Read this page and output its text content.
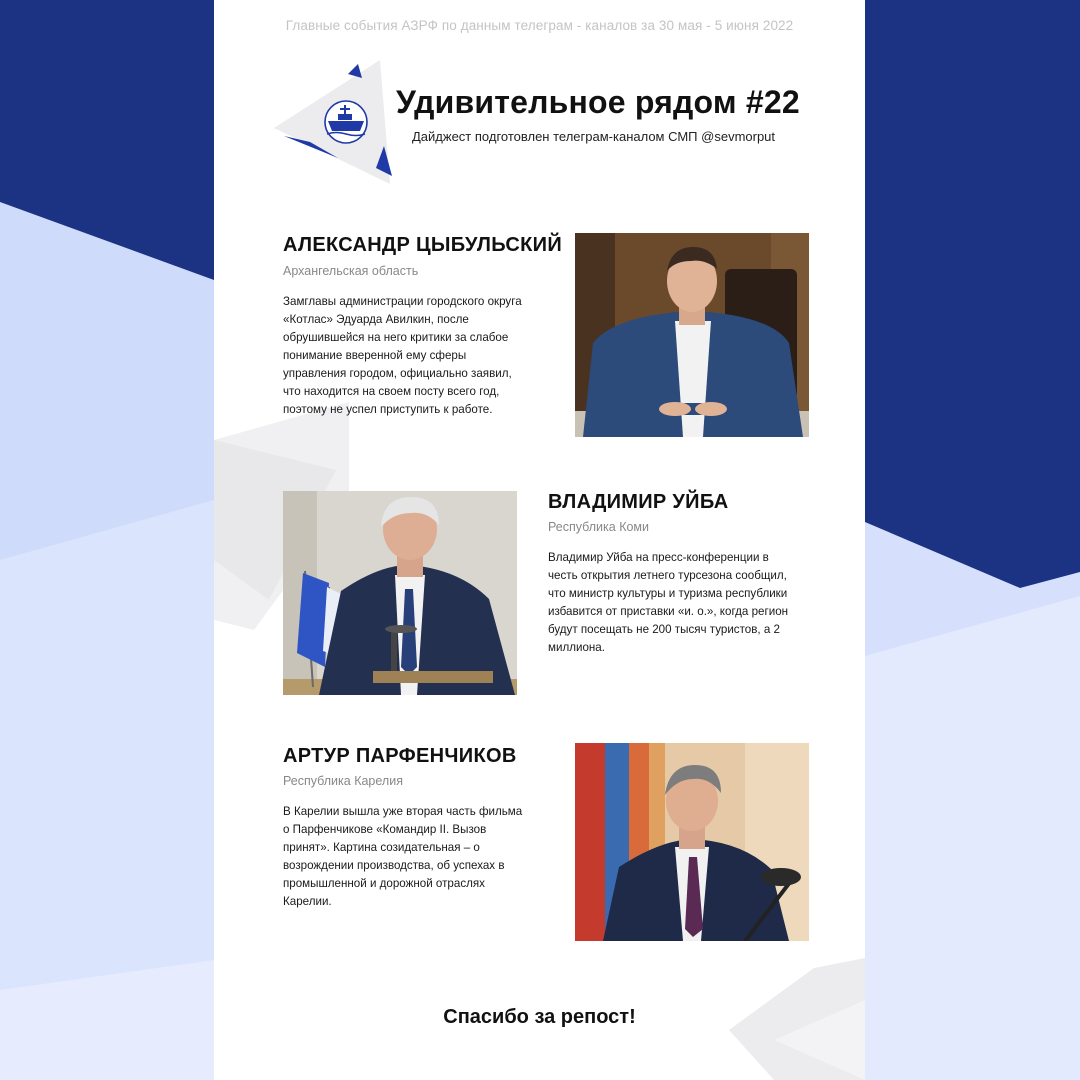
Главные события АЗРФ по данным телеграм - каналов за 30 мая - 5 июня 2022
Удивительное рядом #22
Дайджест подготовлен телеграм-каналом СМП @sevmorput
АЛЕКСАНДР ЦЫБУЛЬСКИЙ
Архангельская область

Замглавы администрации городского округа
«Котлас» Эдуарда Авилкин, после
обрушившейся на него критики за слабое
понимание вверенной ему сферы
управления городом, официально заявил,
что находится на своем посту всего год,
поэтому не успел приступить к работе.

ВЛАДИМИР УЙБА
Республика Коми

Владимир Уйба на пресс-конференции в
честь открытия летнего турсезона сообщил,
что министр культуры и туризма республики
избавится от приставки «и. о.», когда регион
будут посещать не 200 тысяч туристов, а 2
миллиона.

АРТУР ПАРФЕНЧИКОВ
Республика Карелия

В Карелии вышла уже вторая часть фильма
о Парфенчикове «Командир II. Вызов
принят». Картина созидательная – о
возрождении производства, об успехах в
промышленной и дорожной отраслях
Карелии.

Спасибо за репост!
